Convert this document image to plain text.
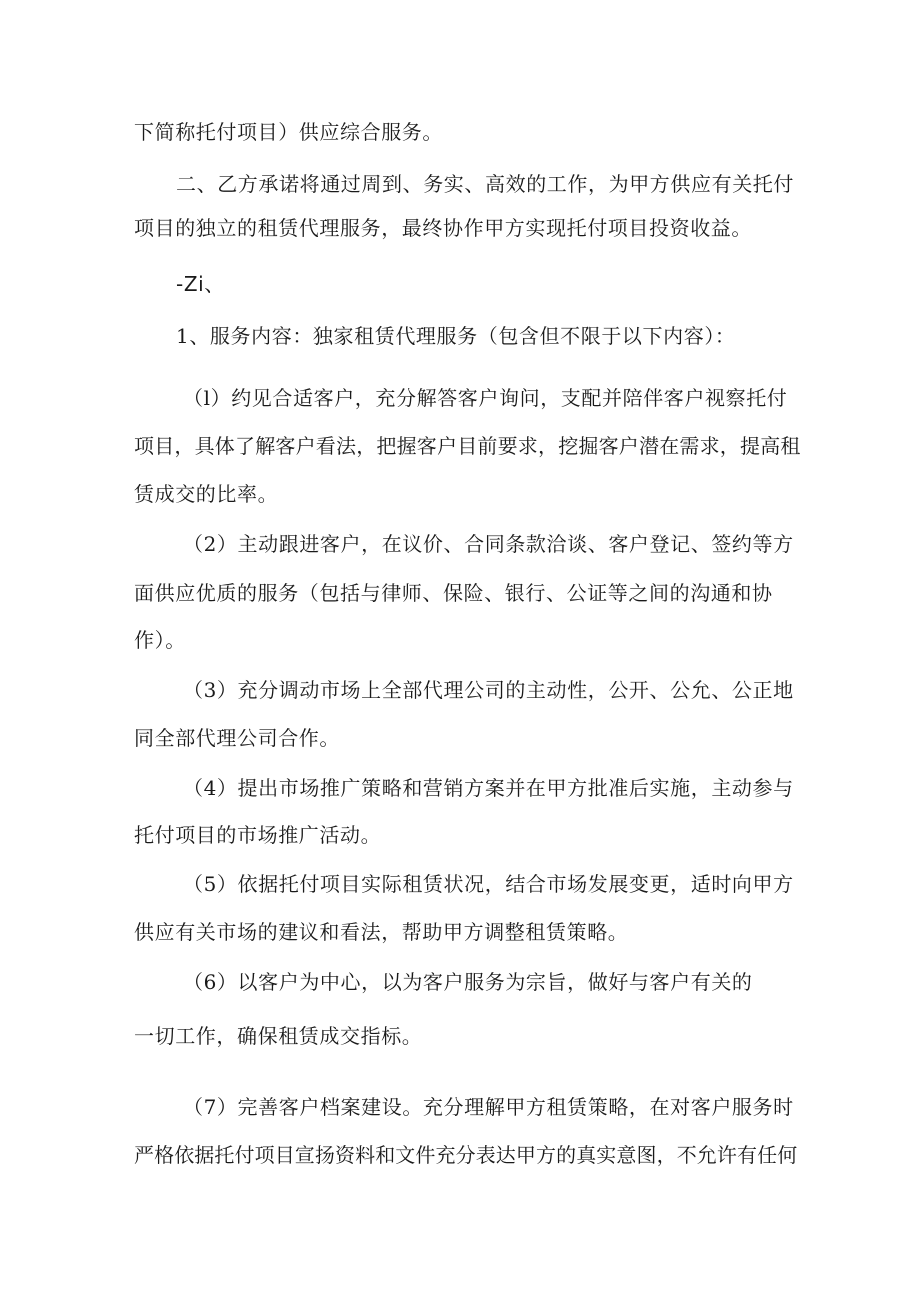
下简称托付项目）供应综合服务。
二、乙方承诺将通过周到、务实、高效的工作，为甲方供应有关托付
项目的独立的租赁代理服务，最终协作甲方实现托付项目投资收益。
-Zi、
1、服务内容：独家租赁代理服务（包含但不限于以下内容）：
（l）约见合适客户，充分解答客户询问，支配并陪伴客户视察托付
项目，具体了解客户看法，把握客户目前要求，挖掘客户潜在需求，提高租
赁成交的比率。
（2）主动跟进客户，在议价、合同条款洽谈、客户登记、签约等方
面供应优质的服务（包括与律师、保险、银行、公证等之间的沟通和协
作）。
（3）充分调动市场上全部代理公司的主动性，公开、公允、公正地
同全部代理公司合作。
（4）提出市场推广策略和营销方案并在甲方批准后实施，主动参与
托付项目的市场推广活动。
（5）依据托付项目实际租赁状况，结合市场发展变更，适时向甲方
供应有关市场的建议和看法，帮助甲方调整租赁策略。
（6）以客户为中心，以为客户服务为宗旨，做好与客户有关的
一切工作，确保租赁成交指标。
（7）完善客户档案建设。充分理解甲方租赁策略，在对客户服务时
严格依据托付项目宣扬资料和文件充分表达甲方的真实意图，不允许有任何
